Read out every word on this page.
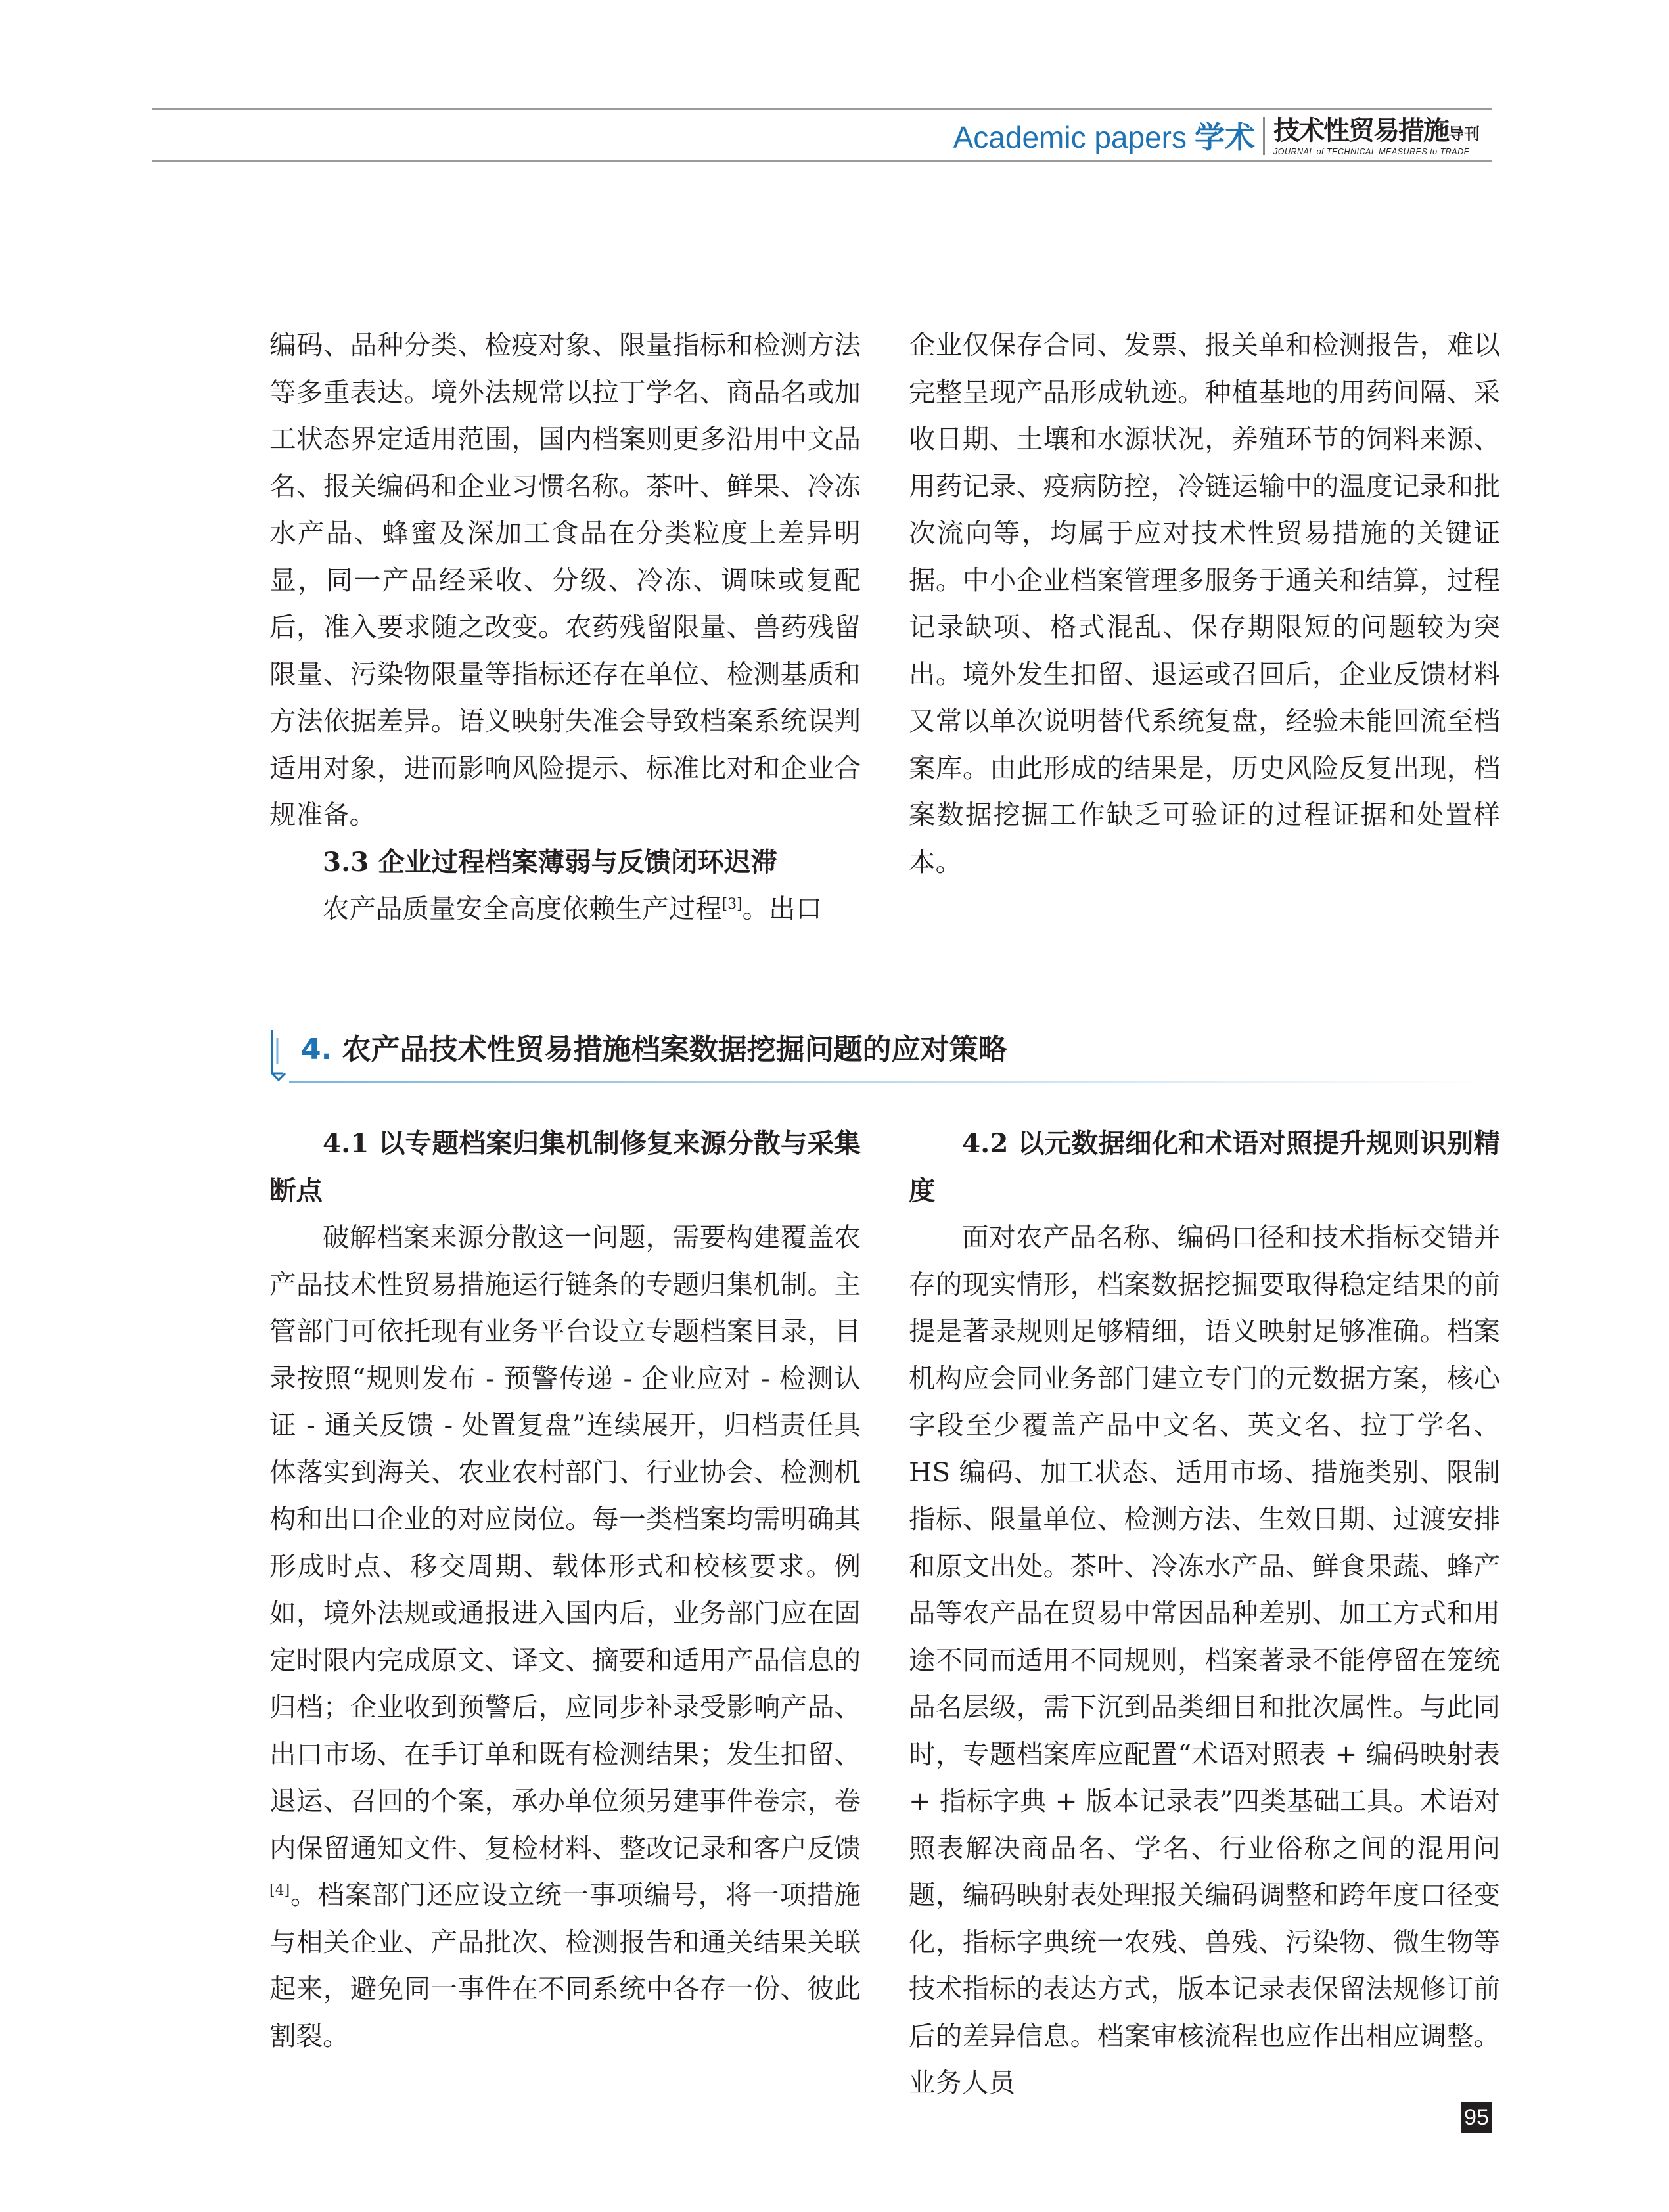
Academic papers 学术 技术性贸易措施导刊
JOURNAL of TECHNICAL MEASURES to TRADE

编码、品种分类、检疫对象、限量指标和检测方法等多重表达。境外法规常以拉丁学名、商品名或加工状态界定适用范围，国内档案则更多沿用中文品名、报关编码和企业习惯名称。茶叶、鲜果、冷冻水产品、蜂蜜及深加工食品在分类粒度上差异明显，同一产品经采收、分级、冷冻、调味或复配后，准入要求随之改变。农药残留限量、兽药残留限量、污染物限量等指标还存在单位、检测基质和方法依据差异。语义映射失准会导致档案系统误判适用对象，进而影响风险提示、标准比对和企业合规准备。

3.3 企业过程档案薄弱与反馈闭环迟滞

农产品质量安全高度依赖生产过程[3]。出口

企业仅保存合同、发票、报关单和检测报告，难以完整呈现产品形成轨迹。种植基地的用药间隔、采收日期、土壤和水源状况，养殖环节的饲料来源、用药记录、疫病防控，冷链运输中的温度记录和批次流向等，均属于应对技术性贸易措施的关键证据。中小企业档案管理多服务于通关和结算，过程记录缺项、格式混乱、保存期限短的问题较为突出。境外发生扣留、退运或召回后，企业反馈材料又常以单次说明替代系统复盘，经验未能回流至档案库。由此形成的结果是，历史风险反复出现，档案数据挖掘工作缺乏可验证的过程证据和处置样本。

4. 农产品技术性贸易措施档案数据挖掘问题的应对策略
4.1 以专题档案归集机制修复来源分散与采集断点

破解档案来源分散这一问题，需要构建覆盖农产品技术性贸易措施运行链条的专题归集机制。主管部门可依托现有业务平台设立专题档案目录，目录按照“规则发布 - 预警传递 - 企业应对 - 检测认证 - 通关反馈 - 处置复盘”连续展开，归档责任具体落实到海关、农业农村部门、行业协会、检测机构和出口企业的对应岗位。每一类档案均需明确其形成时点、移交周期、载体形式和校核要求。例如，境外法规或通报进入国内后，业务部门应在固定时限内完成原文、译文、摘要和适用产品信息的归档；企业收到预警后，应同步补录受影响产品、出口市场、在手订单和既有检测结果；发生扣留、退运、召回的个案，承办单位须另建事件卷宗，卷内保留通知文件、复检材料、整改记录和客户反馈[4]。档案部门还应设立统一事项编号，将一项措施与相关企业、产品批次、检测报告和通关结果关联起来，避免同一事件在不同系统中各存一份、彼此割裂。

4.2 以元数据细化和术语对照提升规则识别精度

面对农产品名称、编码口径和技术指标交错并存的现实情形，档案数据挖掘要取得稳定结果的前提是著录规则足够精细，语义映射足够准确。档案机构应会同业务部门建立专门的元数据方案，核心字段至少覆盖产品中文名、英文名、拉丁学名、HS 编码、加工状态、适用市场、措施类别、限制指标、限量单位、检测方法、生效日期、过渡安排和原文出处。茶叶、冷冻水产品、鲜食果蔬、蜂产品等农产品在贸易中常因品种差别、加工方式和用途不同而适用不同规则，档案著录不能停留在笼统品名层级，需下沉到品类细目和批次属性。与此同时，专题档案库应配置“术语对照表 + 编码映射表 + 指标字典 + 版本记录表”四类基础工具。术语对照表解决商品名、学名、行业俗称之间的混用问题，编码映射表处理报关编码调整和跨年度口径变化，指标字典统一农残、兽残、污染物、微生物等技术指标的表达方式，版本记录表保留法规修订前后的差异信息。档案审核流程也应作出相应调整。业务人员

95
